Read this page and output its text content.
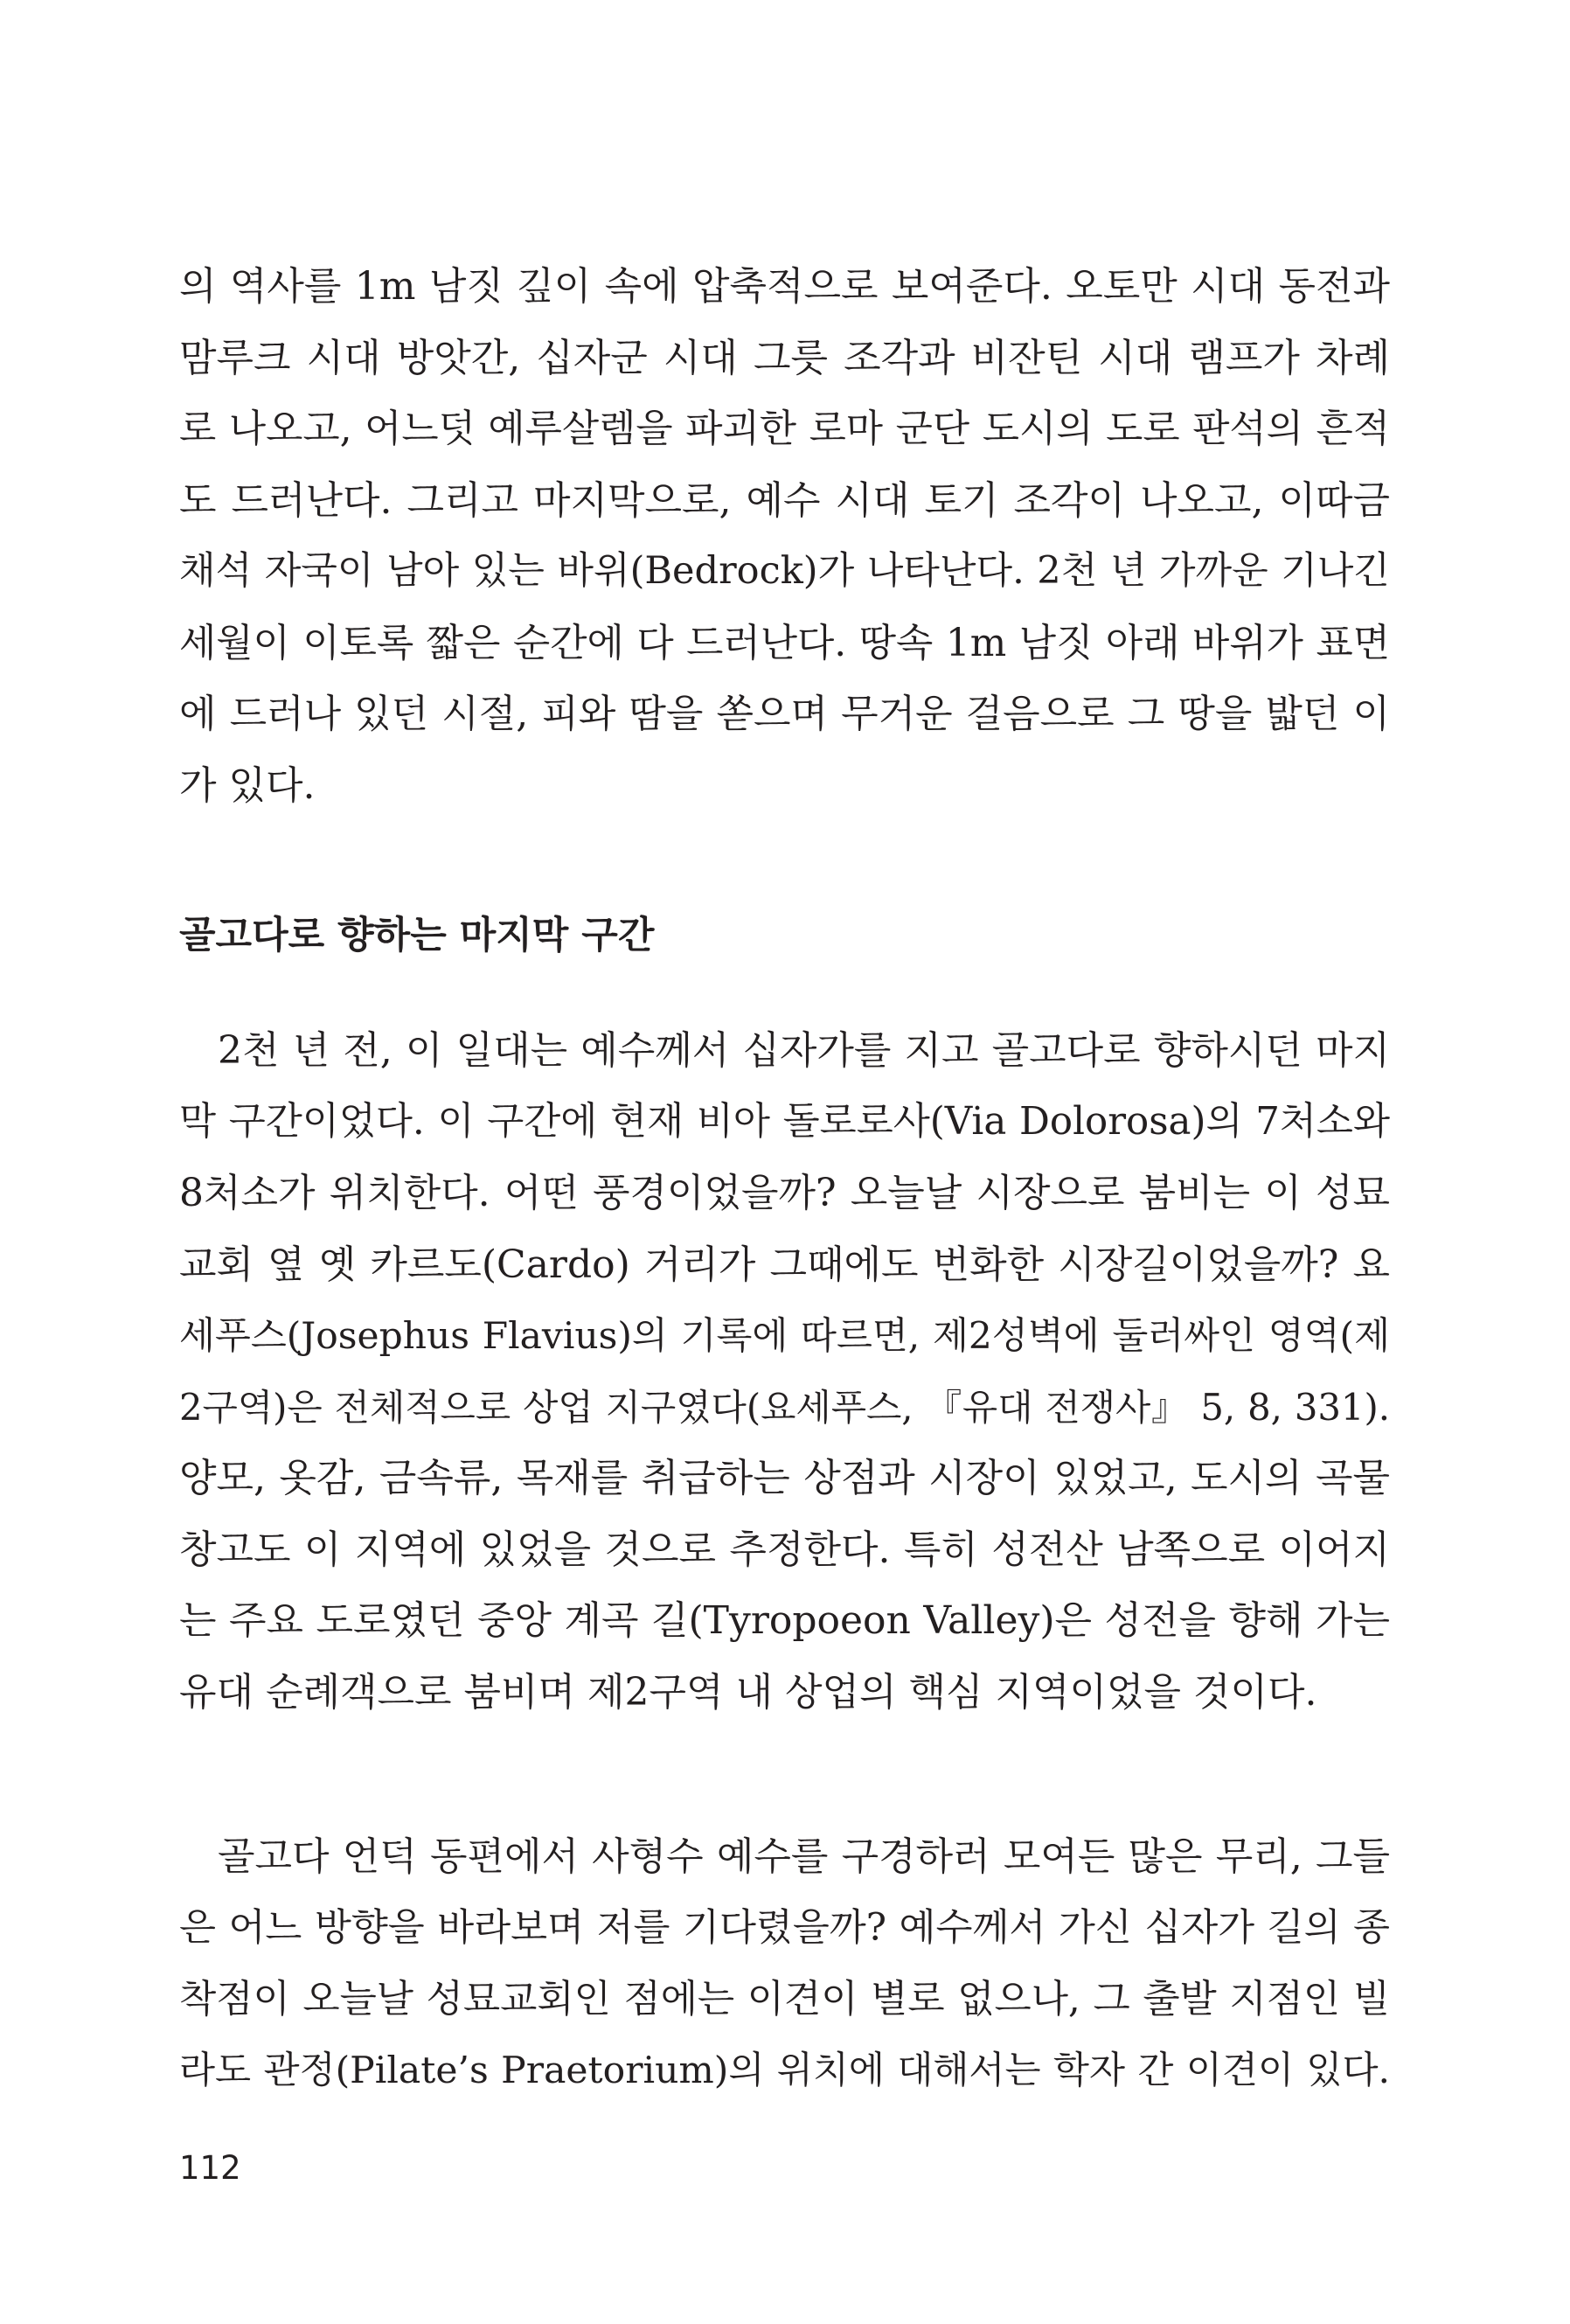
의 역사를 1m 남짓 깊이 속에 압축적으로 보여준다. 오토만 시대 동전과
맘루크 시대 방앗간, 십자군 시대 그릇 조각과 비잔틴 시대 램프가 차례
로 나오고, 어느덧 예루살렘을 파괴한 로마 군단 도시의 도로 판석의 흔적
도 드러난다. 그리고 마지막으로, 예수 시대 토기 조각이 나오고, 이따금
채석 자국이 남아 있는 바위(Bedrock)가 나타난다. 2천 년 가까운 기나긴
세월이 이토록 짧은 순간에 다 드러난다. 땅속 1m 남짓 아래 바위가 표면
에 드러나 있던 시절, 피와 땀을 쏟으며 무거운 걸음으로 그 땅을 밟던 이
가 있다.
골고다로 향하는 마지막 구간
2천 년 전, 이 일대는 예수께서 십자가를 지고 골고다로 향하시던 마지
막 구간이었다. 이 구간에 현재 비아 돌로로사(Via Dolorosa)의 7처소와
8처소가 위치한다. 어떤 풍경이었을까? 오늘날 시장으로 붐비는 이 성묘
교회 옆 옛 카르도(Cardo) 거리가 그때에도 번화한 시장길이었을까? 요
세푸스(Josephus Flavius)의 기록에 따르면, 제2성벽에 둘러싸인 영역(제
2구역)은 전체적으로 상업 지구였다(요세푸스, 『유대 전쟁사』 5, 8, 331).
양모, 옷감, 금속류, 목재를 취급하는 상점과 시장이 있었고, 도시의 곡물
창고도 이 지역에 있었을 것으로 추정한다. 특히 성전산 남쪽으로 이어지
는 주요 도로였던 중앙 계곡 길(Tyropoeon Valley)은 성전을 향해 가는
유대 순례객으로 붐비며 제2구역 내 상업의 핵심 지역이었을 것이다.
골고다 언덕 동편에서 사형수 예수를 구경하러 모여든 많은 무리, 그들
은 어느 방향을 바라보며 저를 기다렸을까? 예수께서 가신 십자가 길의 종
착점이 오늘날 성묘교회인 점에는 이견이 별로 없으나, 그 출발 지점인 빌
라도 관정(Pilate’s Praetorium)의 위치에 대해서는 학자 간 이견이 있다.
112
